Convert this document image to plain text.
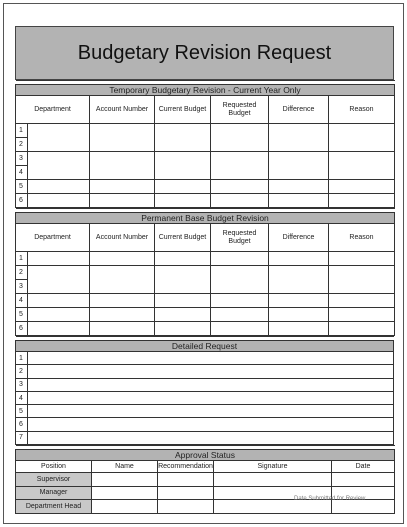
Budgetary Revision Request

Temporary Budgetary Revision - Current Year Only						
Department		Account Number	Current Budget	Requested Budget	Difference	Reason
1						
2						
3						
4						
5						
6						

Permanent Base Budget Revision						
Department		Account Number	Current Budget	Requested Budget	Difference	Reason
1						
2						
3						
4						
5						
6						

Detailed Request	
1	
2	
3	
4	
5	
6	
7	

Approval Status				
Position	Name	Recommendation	Signature	Date
Supervisor				
Manager				
Department Head				
Date Submitted for Review
